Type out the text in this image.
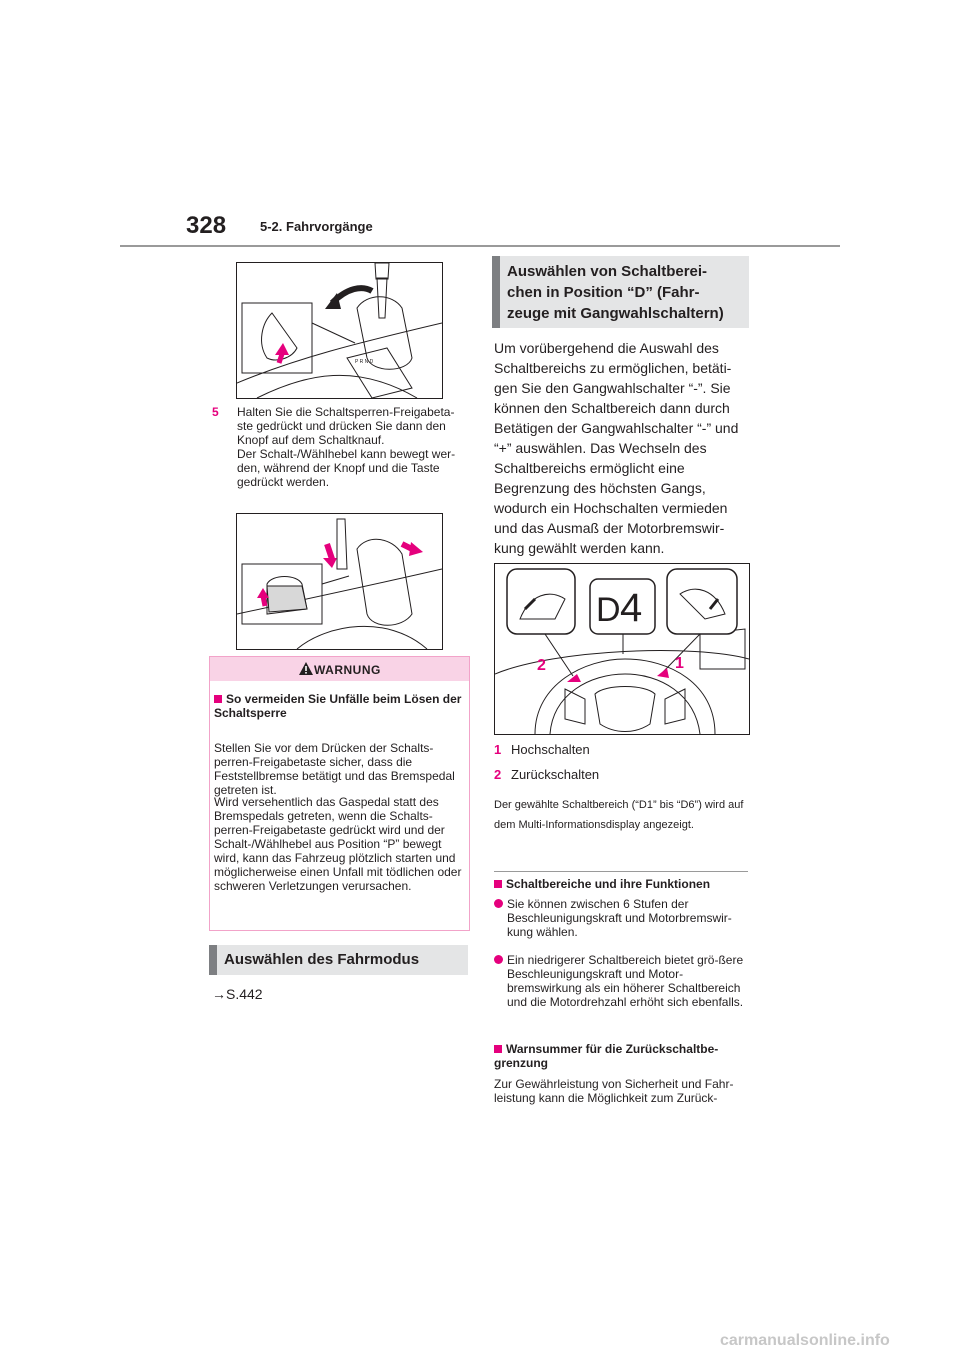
328	5-2. Fahrvorgänge
P R N D
5 Halten Sie die Schaltsperren-Freigabeta-ste gedrückt und drücken Sie dann den Knopf auf dem Schaltknauf.
Der Schalt-/Wählhebel kann bewegt wer-den, während der Knopf und die Taste gedrückt werden.
WARNUNG
So vermeiden Sie Unfälle beim Lösen der Schaltsperre
Stellen Sie vor dem Drücken der Schalts-perren-Freigabetaste sicher, dass die Feststellbremse betätigt und das Bremspedal getreten ist.
Wird versehentlich das Gaspedal statt des Bremspedals getreten, wenn die Schalts-perren-Freigabetaste gedrückt wird und der Schalt-/Wählhebel aus Position “P” bewegt wird, kann das Fahrzeug plötzlich starten und möglicherweise einen Unfall mit tödlichen oder schweren Verletzungen verursachen.
Auswählen des Fahrmodus
→S.442
Auswählen von Schaltberei-
chen in Position “D” (Fahr-
zeuge mit Gangwahlschaltern)
Um vorübergehend die Auswahl des Schaltbereichs zu ermöglichen, betäti-gen Sie den Gangwahlschalter “-”. Sie können den Schaltbereich dann durch Betätigen der Gangwahlschalter “-” und “+” auswählen. Das Wechseln des Schaltbereichs ermöglicht eine Begrenzung des höchsten Gangs, wodurch ein Hochschalten vermieden und das Ausmaß der Motorbremswir-kung gewählt werden kann.
D 4
2	1
1 Hochschalten
2 Zurückschalten
Der gewählte Schaltbereich (“D1” bis “D6”) wird auf dem Multi-Informationsdisplay angezeigt.
Schaltbereiche und ihre Funktionen
Sie können zwischen 6 Stufen der Beschleunigungskraft und Motorbremswir-kung wählen.
Ein niedrigerer Schaltbereich bietet grö-ßere Beschleunigungskraft und Motor-bremswirkung als ein höherer Schaltbereich und die Motordrehzahl erhöht sich ebenfalls.
Warnsummer für die Zurückschaltbe-grenzung
Zur Gewährleistung von Sicherheit und Fahr-leistung kann die Möglichkeit zum Zurück-
carmanualsonline.info
